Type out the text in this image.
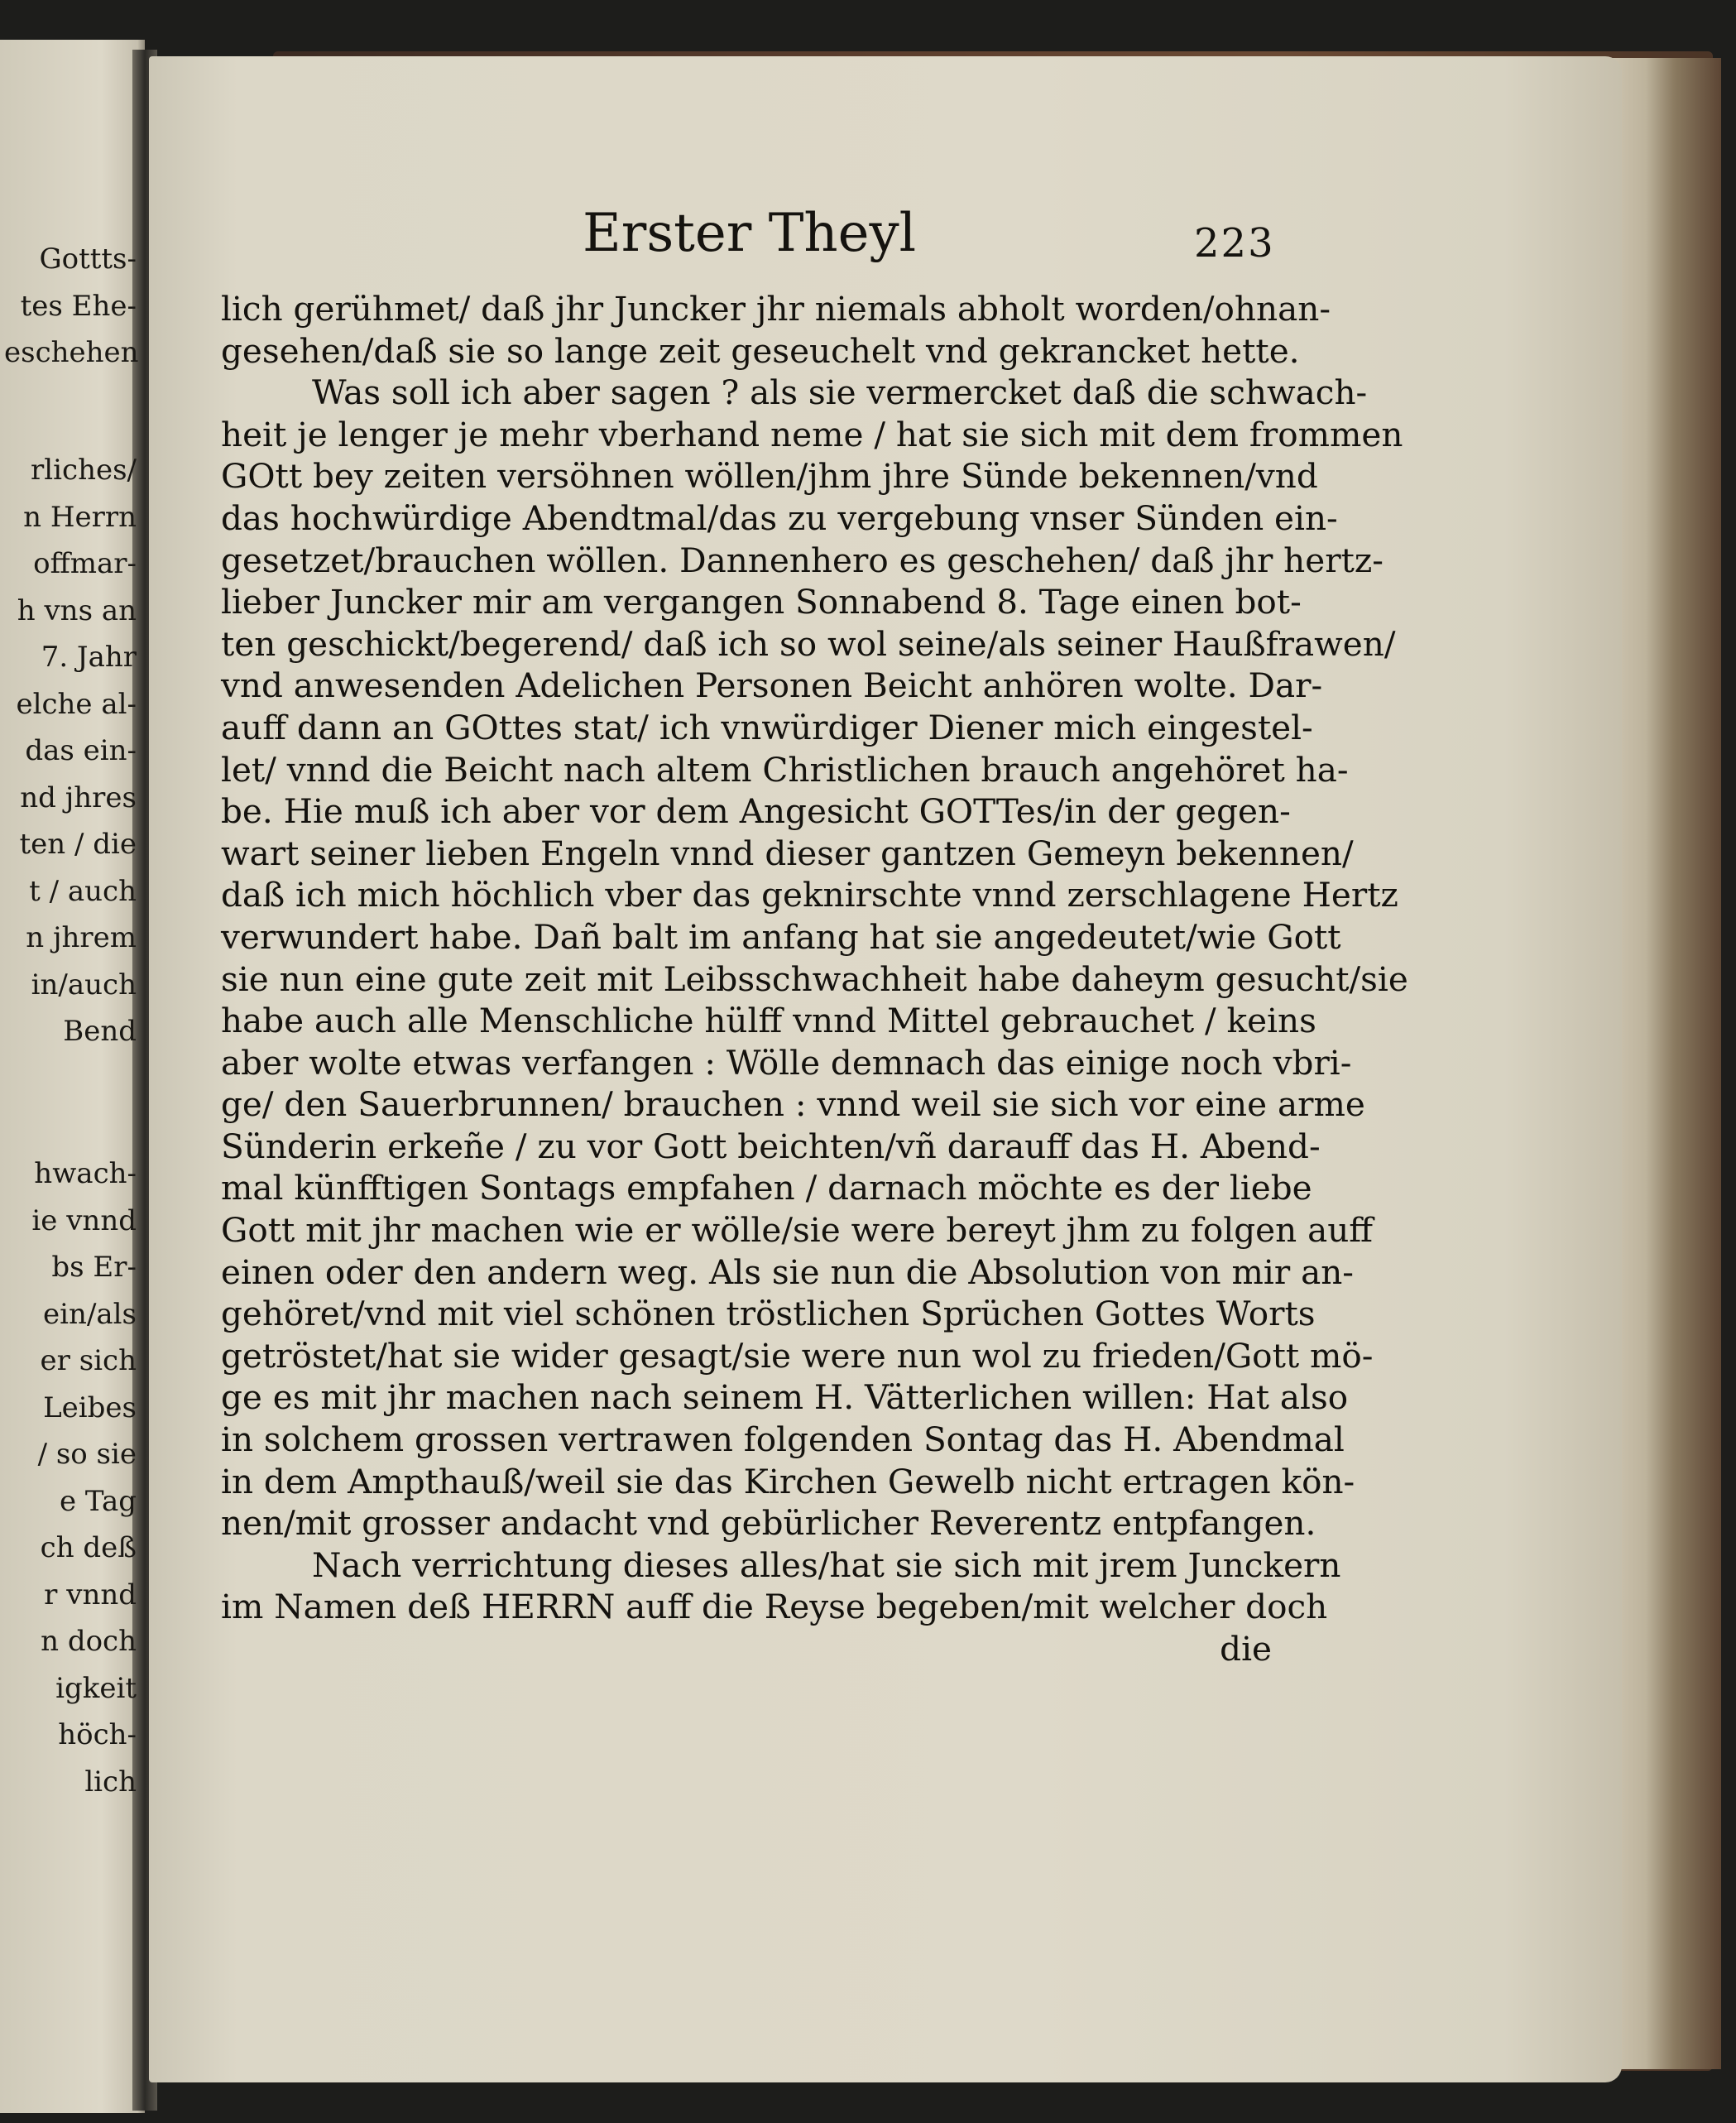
Gottts-
tes Ehe-
eschehen
rliches/
n Herrn
offmar-
h vns an
7. Jahr
elche al-
das ein-
nd jhres
ten / die
t / auch
n jhrem
in/auch
Bend
hwach-
ie vnnd
bs Er-
ein/als
er sich
Leibes
/ so sie
e Tag
ch deß
r vnnd
n doch
igkeit
höch-
lich
Erster Theyl	223
lich gerühmet/ daß jhr Juncker jhr niemals abholt worden/ohnan-
gesehen/daß sie so lange zeit geseuchelt vnd gekrancket hette.
Was soll ich aber sagen ? als sie vermercket daß die schwach-
heit je lenger je mehr vberhand neme / hat sie sich mit dem frommen
GOtt bey zeiten versöhnen wöllen/jhm jhre Sünde bekennen/vnd
das hochwürdige Abendtmal/das zu vergebung vnser Sünden ein-
gesetzet/brauchen wöllen. Dannenhero es geschehen/ daß jhr hertz-
lieber Juncker mir am vergangen Sonnabend 8. Tage einen bot-
ten geschickt/begerend/ daß ich so wol seine/als seiner Haußfrawen/
vnd anwesenden Adelichen Personen Beicht anhören wolte. Dar-
auff dann an GOttes stat/ ich vnwürdiger Diener mich eingestel-
let/ vnnd die Beicht nach altem Christlichen brauch angehöret ha-
be. Hie muß ich aber vor dem Angesicht GOTTes/in der gegen-
wart seiner lieben Engeln vnnd dieser gantzen Gemeyn bekennen/
daß ich mich höchlich vber das geknirschte vnnd zerschlagene Hertz
verwundert habe. Dañ balt im anfang hat sie angedeutet/wie Gott
sie nun eine gute zeit mit Leibsschwachheit habe daheym gesucht/sie
habe auch alle Menschliche hülff vnnd Mittel gebrauchet / keins
aber wolte etwas verfangen : Wölle demnach das einige noch vbri-
ge/ den Sauerbrunnen/ brauchen : vnnd weil sie sich vor eine arme
Sünderin erkeñe / zu vor Gott beichten/vñ darauff das H. Abend-
mal künfftigen Sontags empfahen / darnach möchte es der liebe
Gott mit jhr machen wie er wölle/sie were bereyt jhm zu folgen auff
einen oder den andern weg. Als sie nun die Absolution von mir an-
gehöret/vnd mit viel schönen tröstlichen Sprüchen Gottes Worts
getröstet/hat sie wider gesagt/sie were nun wol zu frieden/Gott mö-
ge es mit jhr machen nach seinem H. Vätterlichen willen: Hat also
in solchem grossen vertrawen folgenden Sontag das H. Abendmal
in dem Ampthauß/weil sie das Kirchen Gewelb nicht ertragen kön-
nen/mit grosser andacht vnd gebürlicher Reverentz entpfangen.
Nach verrichtung dieses alles/hat sie sich mit jrem Junckern
im Namen deß HERRN auff die Reyse begeben/mit welcher doch
die
